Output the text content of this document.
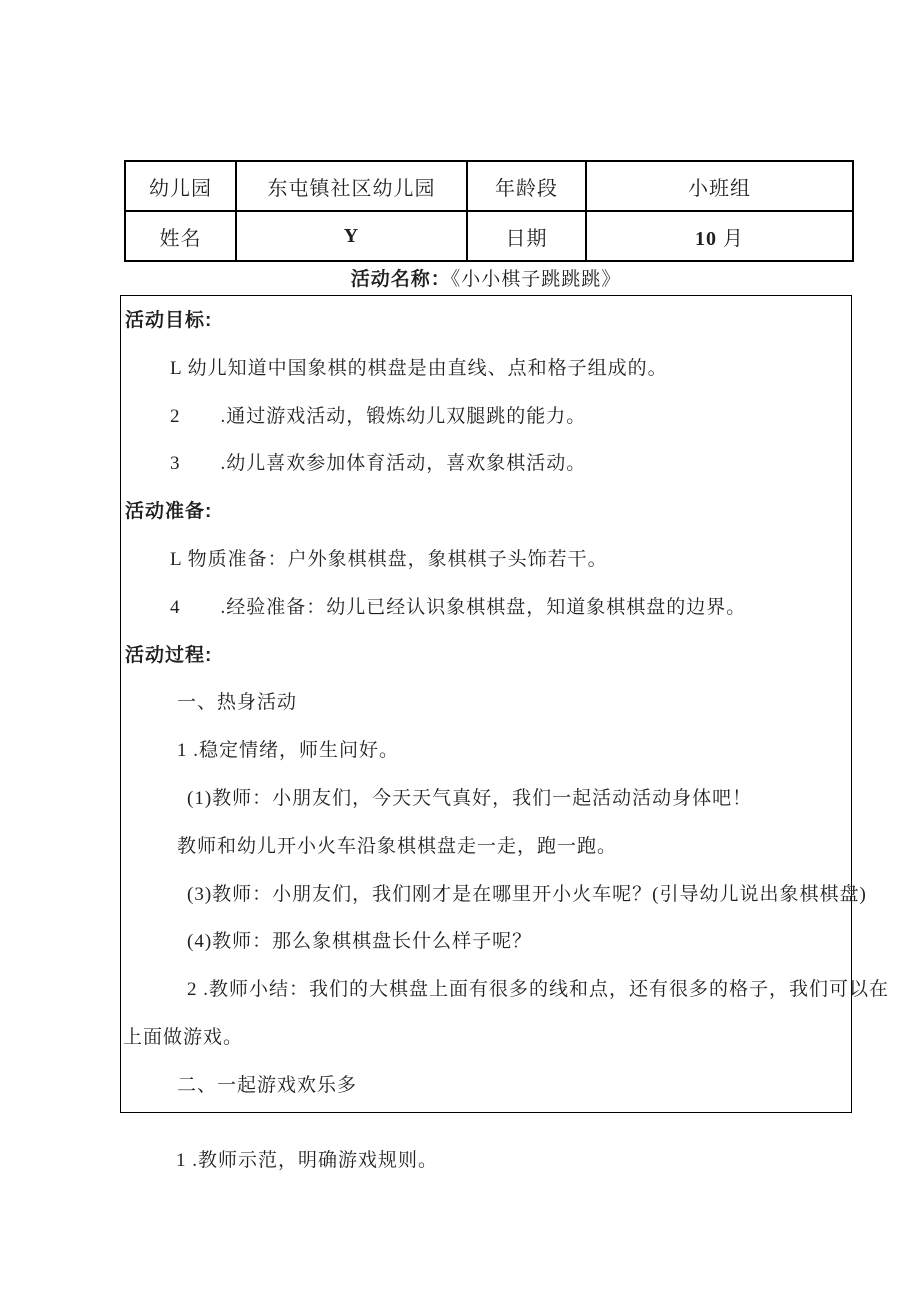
幼儿园	东屯镇社区幼儿园	年龄段	小班组
姓名	Y	日期	10 月
活动名称：《小小棋子跳跳跳》
活动目标:
L 幼儿知道中国象棋的棋盘是由直线、点和格子组成的。
2　　.通过游戏活动，锻炼幼儿双腿跳的能力。
3　　.幼儿喜欢参加体育活动，喜欢象棋活动。
活动准备:
L 物质准备：户外象棋棋盘，象棋棋子头饰若干。
4　　.经验准备：幼儿已经认识象棋棋盘，知道象棋棋盘的边界。
活动过程:
一、热身活动
1 .稳定情绪，师生问好。
(1)教师：小朋友们，今天天气真好，我们一起活动活动身体吧！
教师和幼儿开小火车沿象棋棋盘走一走，跑一跑。
(3)教师：小朋友们，我们刚才是在哪里开小火车呢？(引导幼儿说出象棋棋盘)
(4)教师：那么象棋棋盘长什么样子呢？
2 .教师小结：我们的大棋盘上面有很多的线和点，还有很多的格子，我们可以在
上面做游戏。
二、一起游戏欢乐多
1 .教师示范，明确游戏规则。
